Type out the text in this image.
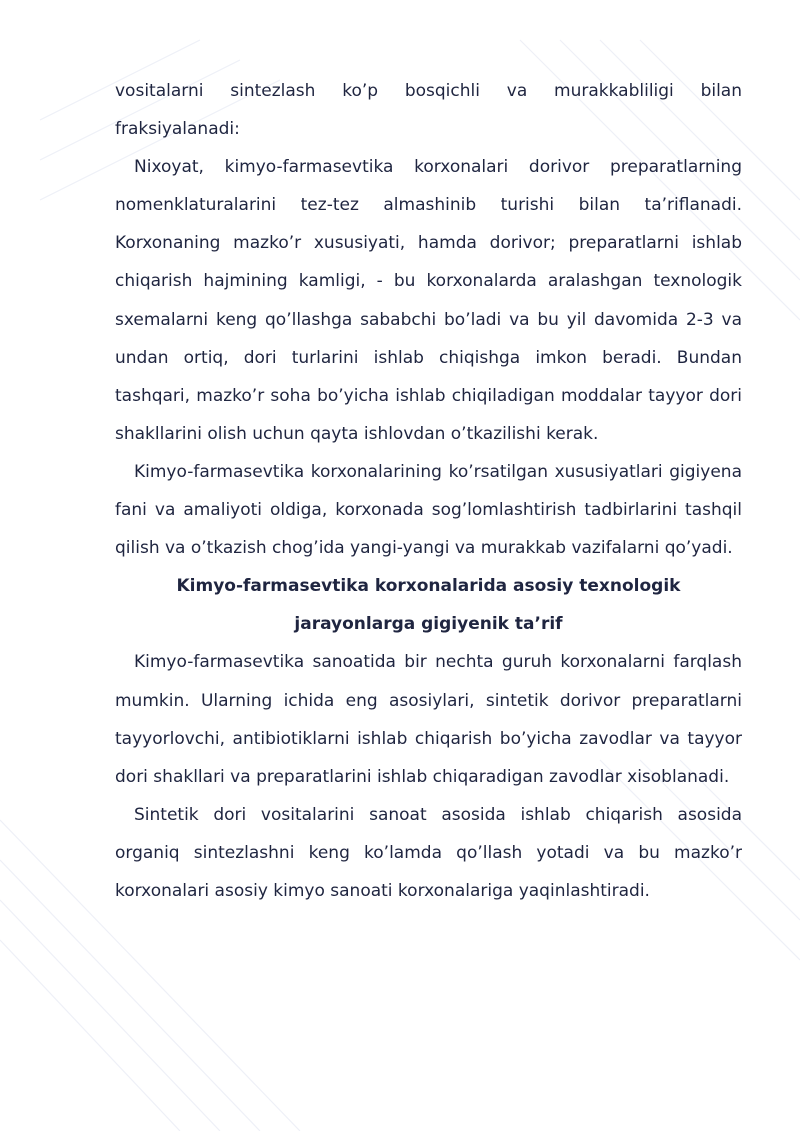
vositalarni sintezlash ko’p bosqichli va murakkabliligi bilan fraksiyalanadi:

Nixoyat, kimyo-farmasevtika korxonalari dorivor preparatlarning nomenklaturalarini tez-tez almashinib turishi bilan ta’riflanadi. Korxonaning mazko’r xususiyati, hamda dorivor; preparatlarni ishlab chiqarish hajmining kamligi, - bu korxonalarda aralashgan texnologik sxemalarni keng qo’llashga sababchi bo’ladi va bu yil davomida 2-3 va undan ortiq, dori turlarini ishlab chiqishga imkon beradi. Bundan tashqari, mazko’r soha bo’yicha ishlab chiqiladigan moddalar tayyor dori shakllarini olish uchun qayta ishlovdan o’tkazilishi kerak.

Kimyo-farmasevtika korxonalarining ko’rsatilgan xususiyatlari gigiyena fani va amaliyoti oldiga, korxonada sog’lomlashtirish tadbirlarini tashqil qilish va o’tkazish chog’ida yangi-yangi va murakkab vazifalarni qo’yadi.

Kimyo-farmasevtika korxonalarida asosiy texnologik

jarayonlarga gigiyenik ta’rif

Kimyo-farmasevtika sanoatida bir nechta guruh korxonalarni farqlash mumkin. Ularning ichida eng asosiylari, sintetik dorivor preparatlarni tayyorlovchi, antibiotiklarni ishlab chiqarish bo’yicha zavodlar va tayyor dori shakllari va preparatlarini ishlab chiqaradigan zavodlar xisoblanadi.

Sintetik dori vositalarini sanoat asosida ishlab chiqarish asosida organiq sintezlashni keng ko’lamda qo’llash yotadi va bu mazko’r korxonalari asosiy kimyo sanoati korxonalariga yaqinlashtiradi.
